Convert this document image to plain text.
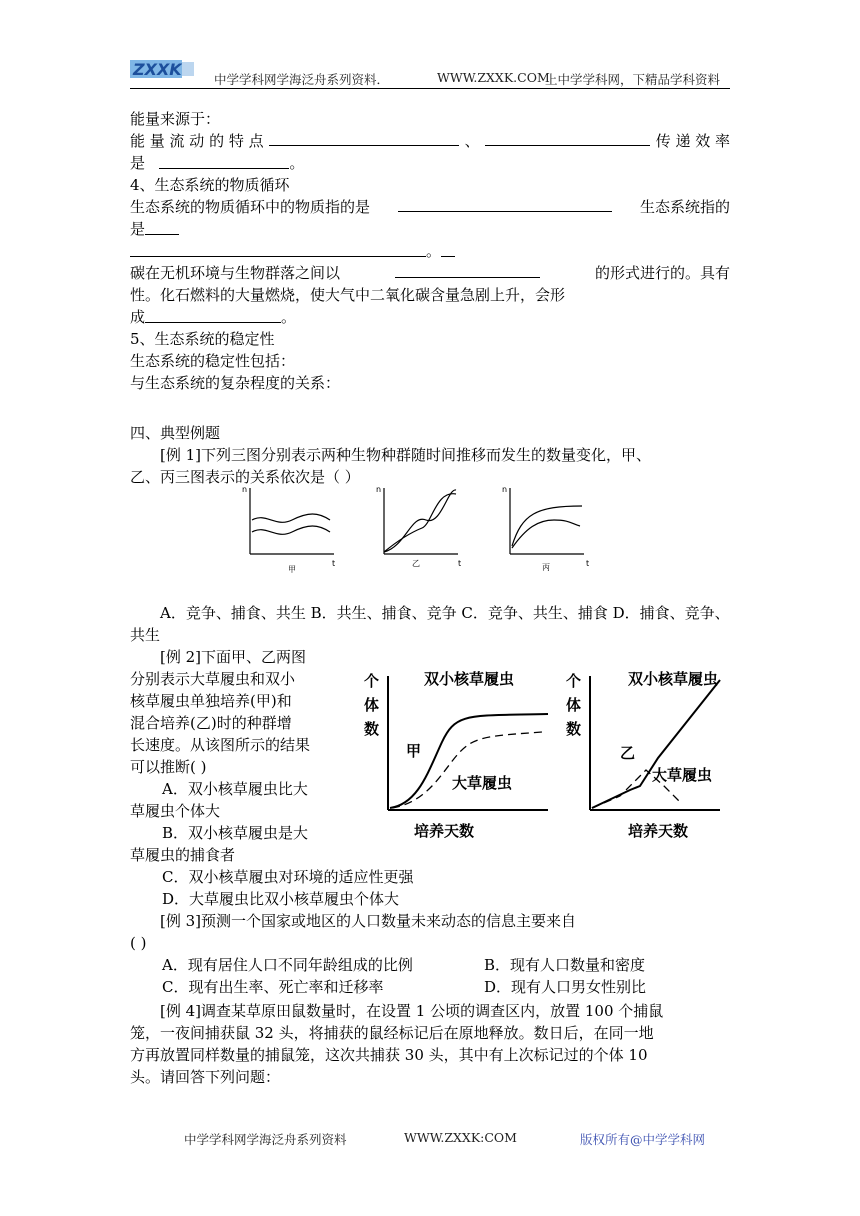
ZXXK
中学学科网学海泛舟系列资料．	WWW.ZXXK.COM
上中学学科网，下精品学科资料
能量来源于：
能 量 流 动 的 特 点	、	传 递 效 率
是	。
4、生态系统的物质循环
生态系统的物质循环中的物质指的是	生态系统指的
是
。
碳在无机环境与生物群落之间以	的形式进行的。具有
性。化石燃料的大量燃烧，使大气中二氧化碳含量急剧上升，会形
成	。
5、生态系统的稳定性
生态系统的稳定性包括：
与生态系统的复杂程度的关系：
四、典型例题
[例 1]下列三图分别表示两种生物种群随时间推移而发生的数量变化，甲、
乙、丙三图表示的关系依次是（ ）
n
t
甲
n
t
乙
n
t
丙
A．竞争、捕食、共生 B．共生、捕食、竞争 C．竞争、共生、捕食 D．捕食、竞争、
共生
[例 2]下面甲、乙两图
分别表示大草履虫和双小
核草履虫单独培养(甲)和
混合培养(乙)时的种群增
长速度。从该图所示的结果
可以推断( )
A．双小核草履虫比大
草履虫个体大
B．双小核草履虫是大
草履虫的捕食者
个
体
数
个
体
数
培养天数	培养天数
双小核草履虫
甲
大草履虫
双小核草履虫
乙
大草履虫
C．双小核草履虫对环境的适应性更强
D．大草履虫比双小核草履虫个体大
[例 3]预测一个国家或地区的人口数量未来动态的信息主要来自
( )
A．现有居住人口不同年龄组成的比例	B．现有人口数量和密度
C．现有出生率、死亡率和迁移率	D．现有人口男女性别比
[例 4]调查某草原田鼠数量时，在设置 1 公顷的调查区内，放置 100 个捕鼠
笼，一夜间捕获鼠 32 头，将捕获的鼠经标记后在原地释放。数日后，在同一地
方再放置同样数量的捕鼠笼，这次共捕获 30 头，其中有上次标记过的个体 10
头。请回答下列问题：
中学学科网学海泛舟系列资料	WWW.ZXXK:COM	版权所有@中学学科网
